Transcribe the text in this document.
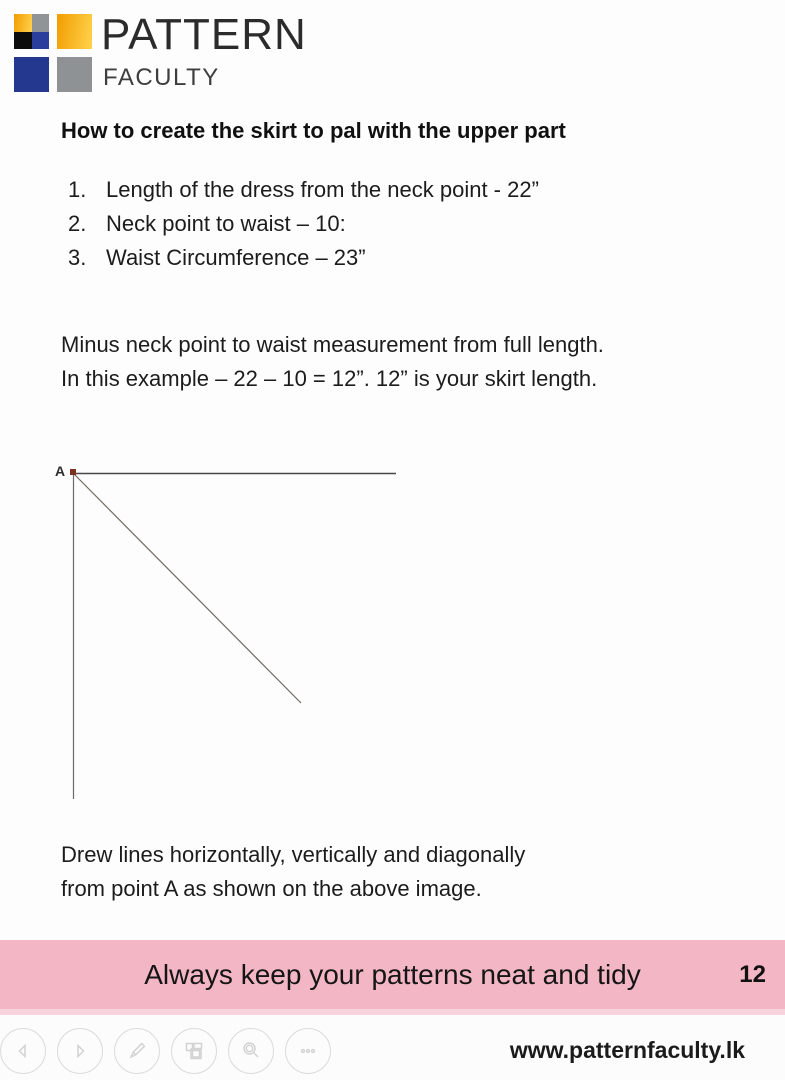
PATTERN
FACULTY
How to create the skirt to pal with the upper part
1. Length of the dress from the neck point - 22”
2. Neck point to waist – 10:
3. Waist Circumference – 23”
Minus neck point to waist measurement from full length.
In this example – 22 – 10 = 12”. 12” is your skirt length.
A
Drew lines horizontally, vertically and diagonally
from point A as shown on the above image.
Always keep your patterns neat and tidy	12
www.patternfaculty.lk
